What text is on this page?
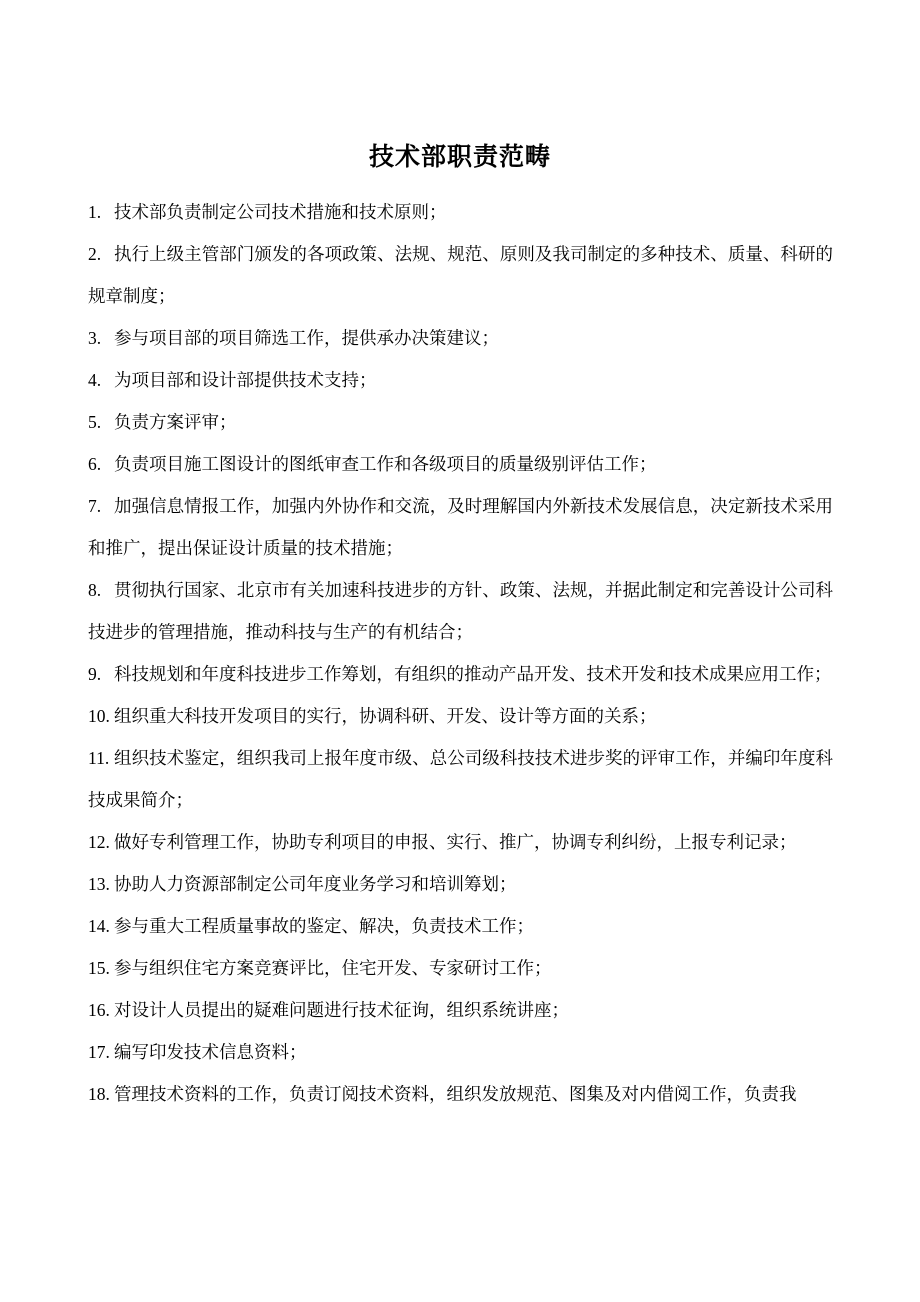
技术部职责范畴
1. 技术部负责制定公司技术措施和技术原则；
2. 执行上级主管部门颁发的各项政策、法规、规范、原则及我司制定的多种技术、质量、科研的规章制度；
3. 参与项目部的项目筛选工作，提供承办决策建议；
4. 为项目部和设计部提供技术支持；
5. 负责方案评审；
6. 负责项目施工图设计的图纸审查工作和各级项目的质量级别评估工作；
7. 加强信息情报工作，加强内外协作和交流，及时理解国内外新技术发展信息，决定新技术采用和推广，提出保证设计质量的技术措施；
8. 贯彻执行国家、北京市有关加速科技进步的方针、政策、法规，并据此制定和完善设计公司科技进步的管理措施，推动科技与生产的有机结合；
9. 科技规划和年度科技进步工作筹划，有组织的推动产品开发、技术开发和技术成果应用工作；
10. 组织重大科技开发项目的实行，协调科研、开发、设计等方面的关系；
11. 组织技术鉴定，组织我司上报年度市级、总公司级科技技术进步奖的评审工作，并编印年度科技成果简介；
12. 做好专利管理工作，协助专利项目的申报、实行、推广，协调专利纠纷，上报专利记录；
13. 协助人力资源部制定公司年度业务学习和培训筹划；
14. 参与重大工程质量事故的鉴定、解决，负责技术工作；
15. 参与组织住宅方案竞赛评比，住宅开发、专家研讨工作；
16. 对设计人员提出的疑难问题进行技术征询，组织系统讲座；
17. 编写印发技术信息资料；
18. 管理技术资料的工作，负责订阅技术资料，组织发放规范、图集及对内借阅工作，负责我
